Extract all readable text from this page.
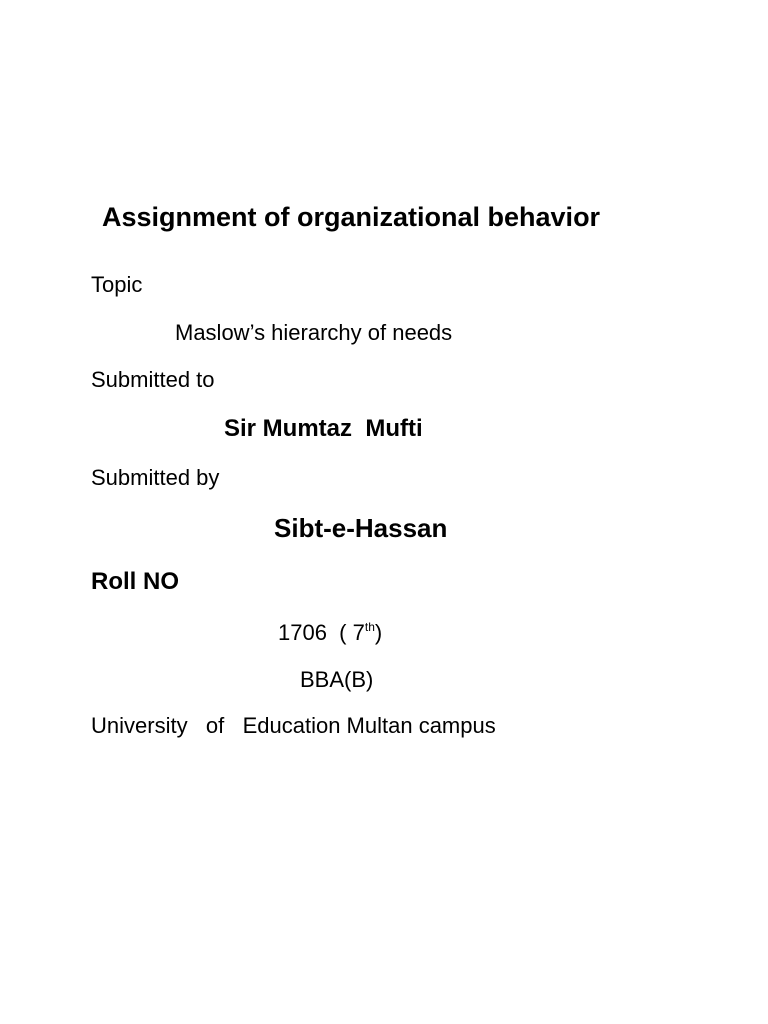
Assignment of organizational behavior
Topic
Maslow’s hierarchy of needs
Submitted to
Sir Mumtaz  Mufti
Submitted by
Sibt-e-Hassan
Roll NO
1706  ( 7th)
BBA(B)
University   of   Education Multan campus
